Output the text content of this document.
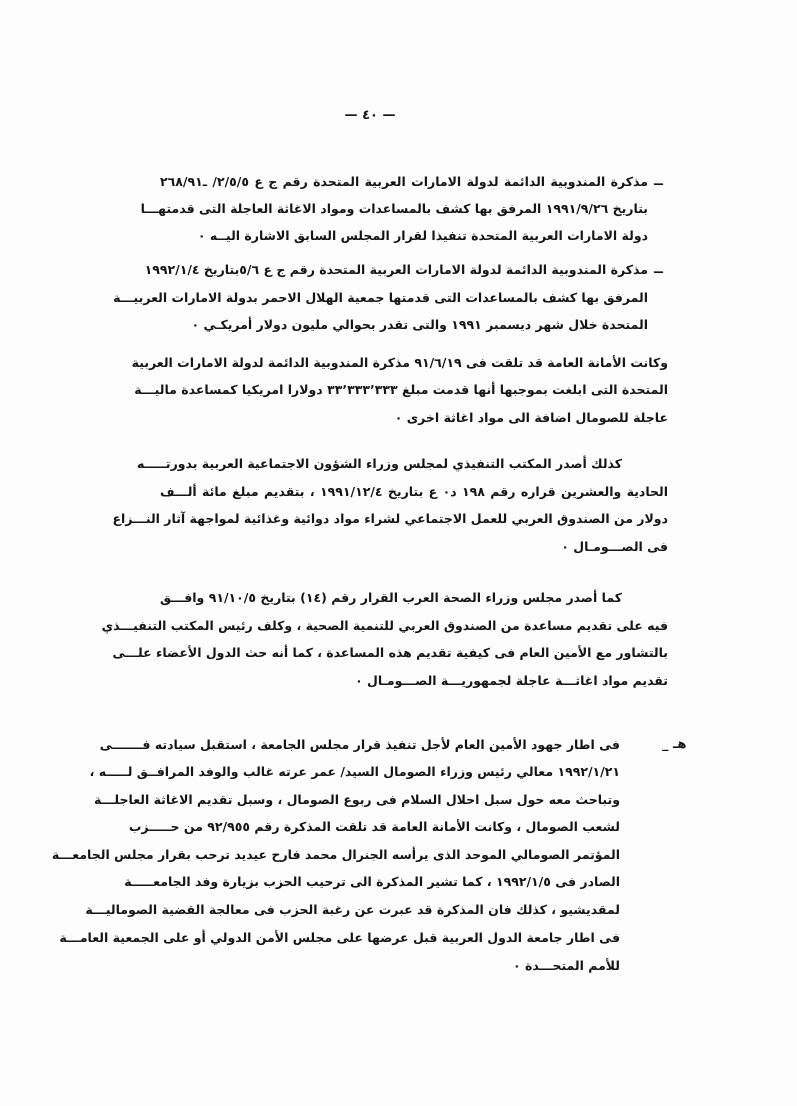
— ٤٠ —
ــ
مذكرة المندوبية الدائمة لدولة الامارات العربية المتحدة رقم ج ع ٢/٥/٥/ ـ٢٦٨/٩١
بتاريخ ١٩٩١/٩/٢٦ المرفق بها كشف بالمساعدات ومواد الاغاثة العاجلة التى قدمتهـــا
دولة الامارات العربية المتحدة تنفيذا لقرار المجلس السابق الاشارة اليــه ٠
ــ
مذكرة المندوبية الدائمة لدولة الامارات العربية المتحدة رقم ج ع ٥/٦بتاريخ ١٩٩٢/١/٤
المرفق بها كشف بالمساعدات التى قدمتها جمعية الهلال الاحمر بدولة الامارات العربيـــة
المتحدة خلال شهر ديسمبر ١٩٩١ والتى تقدر بحوالي مليون دولار أمريكـي ٠
وكانت الأمانة العامة قد تلقت فى ٩١/٦/١٩ مذكرة المندوبية الدائمة لدولة الامارات العربية
المتحدة التى ابلغت بموجبها أنها قدمت مبلغ ٣٣٬٣٣٣٬٣٣٣ دولارا امريكيا كمساعدة ماليـــة
عاجلة للصومال اضافة الى مواد اغاثة اخرى ٠
كذلك أصدر المكتب التنفيذي لمجلس وزراء الشؤون الاجتماعية العربية بدورتـــــه
الحادية والعشرين قراره رقم ١٩٨ د٠ ع بتاريخ ١٩٩١/١٢/٤ ، بتقديم مبلغ مائة ألـــف
دولار من الصندوق العربي للعمل الاجتماعي لشراء مواد دوائية وغذائية لمواجهة آثار النـــزاع
فى الصـــومـال ٠
كما أصدر مجلس وزراء الصحة العرب القرار رقم (١٤) بتاريخ ٩١/١٠/٥ وافـــق
فيه على تقديم مساعدة من الصندوق العربي للتنمية الصحية ، وكلف رئيس المكتب التنفيـــذي
بالتشاور مع الأمين العام فى كيفية تقديم هذه المساعدة ، كما أنه حث الدول الأعضاء علـــى
تقديم مواد اغاثـــة عاجلة لجمهوريـــة الصـــومـال ٠
هـ _
فى اطار جهود الأمين العام لأجل تنفيذ قرار مجلس الجامعة ، استقبل سيادته فـــــــى
١٩٩٢/١/٢١ معالي رئيس وزراء الصومال السيد/ عمر عرته غالب والوفد المرافــق لـــــه ،
وتباحث معه حول سبل احلال السلام فى ربوع الصومال ، وسبل تقديم الاغاثة العاجلـــة
لشعب الصومال ، وكانت الأمانة العامة قد تلقت المذكرة رقم ٩٢/٩٥٥ من حـــــزب
المؤتمر الصومالي الموحد الذى يرأسه الجنرال محمد فارح عيديد ترحب بقرار مجلس الجامعـــة
الصادر فى ١٩٩٢/١/٥ ، كما تشير المذكرة الى ترحيب الحزب بزيارة وفد الجامعـــــة
لمقديشيو ، كذلك فان المذكرة قد عبرت عن رغبة الحزب فى معالجة القضية الصوماليـــة
فى اطار جامعة الدول العربية قبل عرضها على مجلس الأمن الدولي أو على الجمعية العامـــة
للأمم المتحـــدة ٠
